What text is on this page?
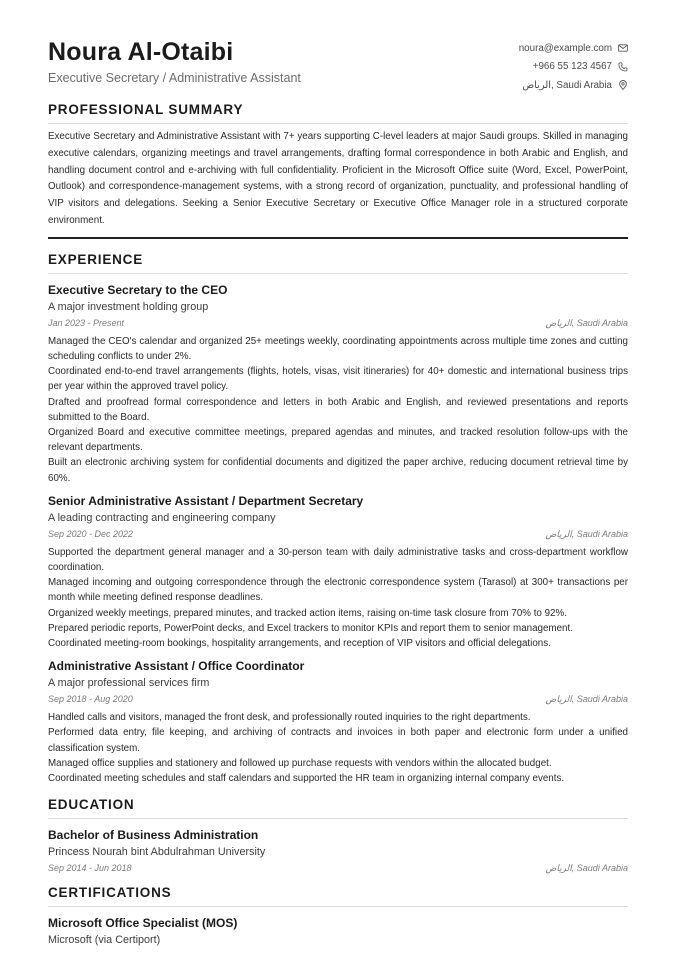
Noura Al-Otaibi
Executive Secretary / Administrative Assistant
noura@example.com
+966 55 123 4567
الرياض, Saudi Arabia
PROFESSIONAL SUMMARY
Executive Secretary and Administrative Assistant with 7+ years supporting C-level leaders at major Saudi groups. Skilled in managing executive calendars, organizing meetings and travel arrangements, drafting formal correspondence in both Arabic and English, and handling document control and e-archiving with full confidentiality. Proficient in the Microsoft Office suite (Word, Excel, PowerPoint, Outlook) and correspondence-management systems, with a strong record of organization, punctuality, and professional handling of VIP visitors and delegations. Seeking a Senior Executive Secretary or Executive Office Manager role in a structured corporate environment.
EXPERIENCE
Executive Secretary to the CEO
A major investment holding group
Jan 2023 - Present	الرياض, Saudi Arabia

Managed the CEO's calendar and organized 25+ meetings weekly, coordinating appointments across multiple time zones and cutting scheduling conflicts to under 2%.

Coordinated end-to-end travel arrangements (flights, hotels, visas, visit itineraries) for 40+ domestic and international business trips per year within the approved travel policy.

Drafted and proofread formal correspondence and letters in both Arabic and English, and reviewed presentations and reports submitted to the Board.

Organized Board and executive committee meetings, prepared agendas and minutes, and tracked resolution follow-ups with the relevant departments.

Built an electronic archiving system for confidential documents and digitized the paper archive, reducing document retrieval time by 60%.

Senior Administrative Assistant / Department Secretary
A leading contracting and engineering company
Sep 2020 - Dec 2022	الرياض, Saudi Arabia

Supported the department general manager and a 30-person team with daily administrative tasks and cross-department workflow coordination.

Managed incoming and outgoing correspondence through the electronic correspondence system (Tarasol) at 300+ transactions per month while meeting defined response deadlines.

Organized weekly meetings, prepared minutes, and tracked action items, raising on-time task closure from 70% to 92%.

Prepared periodic reports, PowerPoint decks, and Excel trackers to monitor KPIs and report them to senior management.

Coordinated meeting-room bookings, hospitality arrangements, and reception of VIP visitors and official delegations.

Administrative Assistant / Office Coordinator
A major professional services firm
Sep 2018 - Aug 2020	الرياض, Saudi Arabia

Handled calls and visitors, managed the front desk, and professionally routed inquiries to the right departments.

Performed data entry, file keeping, and archiving of contracts and invoices in both paper and electronic form under a unified classification system.

Managed office supplies and stationery and followed up purchase requests with vendors within the allocated budget.

Coordinated meeting schedules and staff calendars and supported the HR team in organizing internal company events.

EDUCATION
Bachelor of Business Administration
Princess Nourah bint Abdulrahman University
Sep 2014 - Jun 2018	الرياض, Saudi Arabia
CERTIFICATIONS
Microsoft Office Specialist (MOS)
Microsoft (via Certiport)
